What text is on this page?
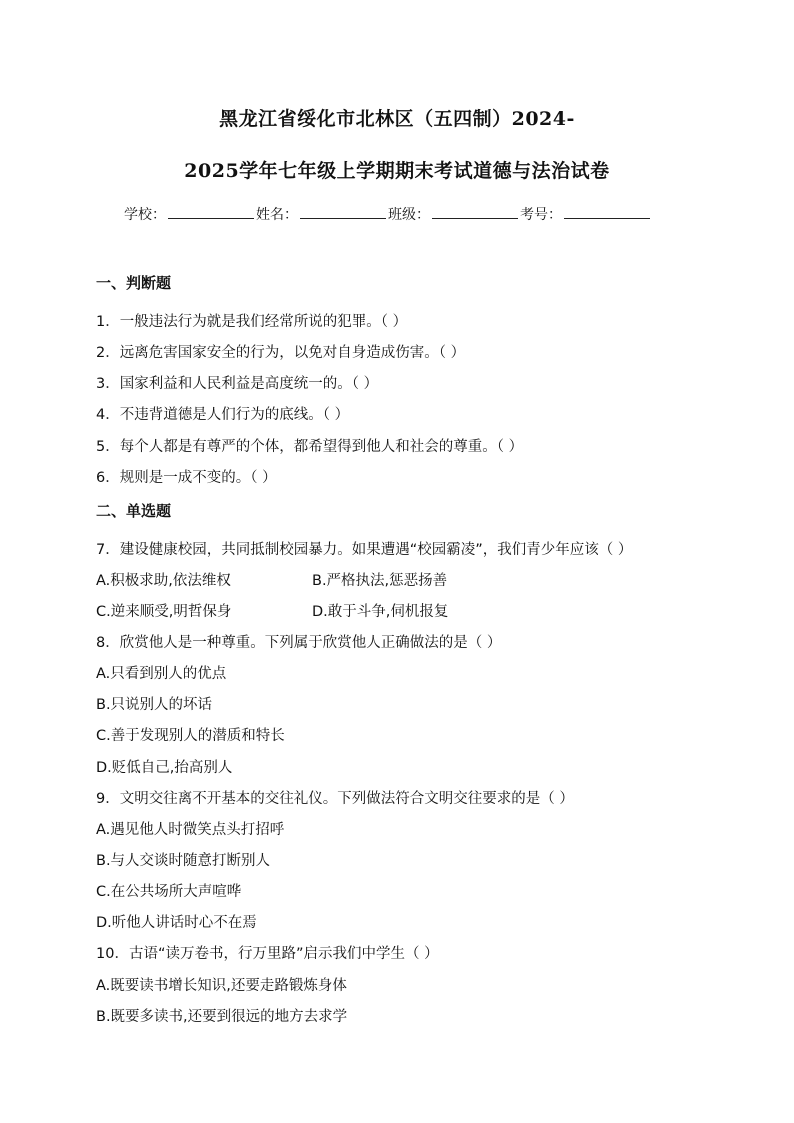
黑龙江省绥化市北林区（五四制）2024-
2025学年七年级上学期期末考试道德与法治试卷
学校：	姓名：	班级：	考号：
一、判断题
1．一般违法行为就是我们经常所说的犯罪。（ ）
2．远离危害国家安全的行为，以免对自身造成伤害。（ ）
3．国家利益和人民利益是高度统一的。（ ）
4．不违背道德是人们行为的底线。（ ）
5．每个人都是有尊严的个体，都希望得到他人和社会的尊重。（ ）
6．规则是一成不变的。（ ）
二、单选题
7．建设健康校园，共同抵制校园暴力。如果遭遇“校园霸凌”，我们青少年应该（ ）
A.积极求助,依法维权	B.严格执法,惩恶扬善
C.逆来顺受,明哲保身	D.敢于斗争,伺机报复
8．欣赏他人是一种尊重。下列属于欣赏他人正确做法的是（ ）
A.只看到别人的优点
B.只说别人的坏话
C.善于发现别人的潜质和特长
D.贬低自己,抬高别人
9．文明交往离不开基本的交往礼仪。下列做法符合文明交往要求的是（ ）
A.遇见他人时微笑点头打招呼
B.与人交谈时随意打断别人
C.在公共场所大声喧哗
D.听他人讲话时心不在焉
10．古语“读万卷书，行万里路”启示我们中学生（ ）
A.既要读书增长知识,还要走路锻炼身体
B.既要多读书,还要到很远的地方去求学
